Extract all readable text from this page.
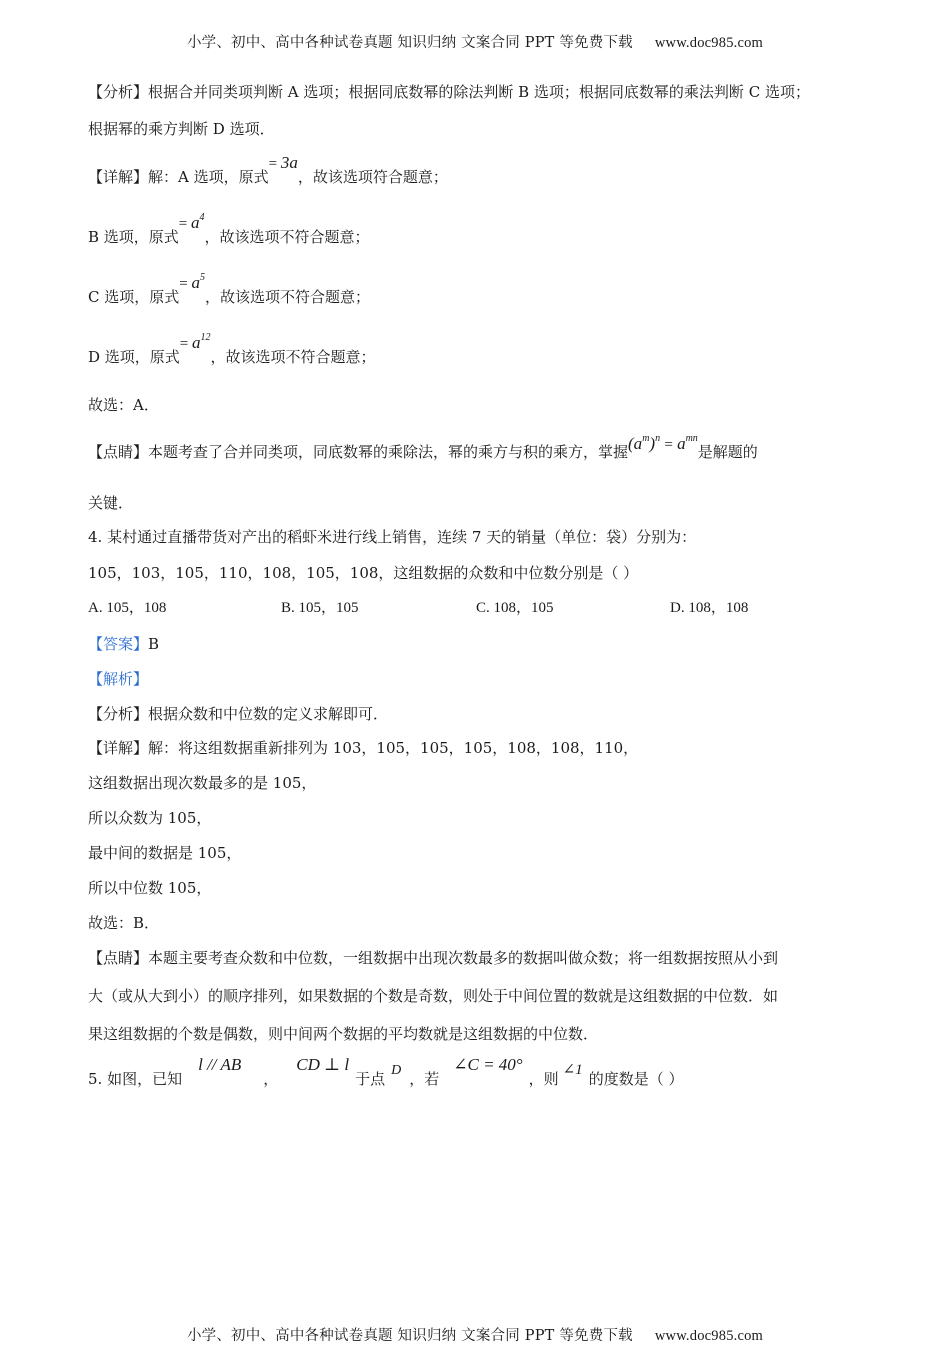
小学、初中、高中各种试卷真题 知识归纳 文案合同 PPT 等免费下载 www.doc985.com
【分析】根据合并同类项判断 A 选项；根据同底数幂的除法判断 B 选项；根据同底数幂的乘法判断 C 选项；
根据幂的乘方判断 D 选项．
【详解】解：A 选项，原式= 3a，故该选项符合题意；
B 选项，原式= $a^4$，故该选项不符合题意；
C 选项，原式= $a^5$，故该选项不符合题意；
D 选项，原式= $a^{12}$，故该选项不符合题意；
故选：A．
【点睛】本题考查了合并同类项，同底数幂的乘除法，幂的乘方与积的乘方，掌握$(a^m)^n = a^{mn}$是解题的
关键．
4. 某村通过直播带货对产出的稻虾米进行线上销售，连续 7 天的销量（单位：袋）分别为：
105，103，105，110，108，105，108，这组数据的众数和中位数分别是（ ）
A. 105，108	B. 105，105	C. 108，105	D. 108，108
【答案】B
【解析】
【分析】根据众数和中位数的定义求解即可．
【详解】解：将这组数据重新排列为 103，105，105，105，108，108，110，
这组数据出现次数最多的是 105，
所以众数为 105，
最中间的数据是 105，
所以中位数 105，
故选：B．
【点睛】本题主要考查众数和中位数，一组数据中出现次数最多的数据叫做众数；将一组数据按照从小到
大（或从大到小）的顺序排列，如果数据的个数是奇数，则处于中间位置的数就是这组数据的中位数．如
果这组数据的个数是偶数，则中间两个数据的平均数就是这组数据的中位数．
5. 如图，已知l // AB，CD ⊥ l于点 D ，若∠C = 40°，则 ∠1 的度数是（ ）
小学、初中、高中各种试卷真题 知识归纳 文案合同 PPT 等免费下载 www.doc985.com
